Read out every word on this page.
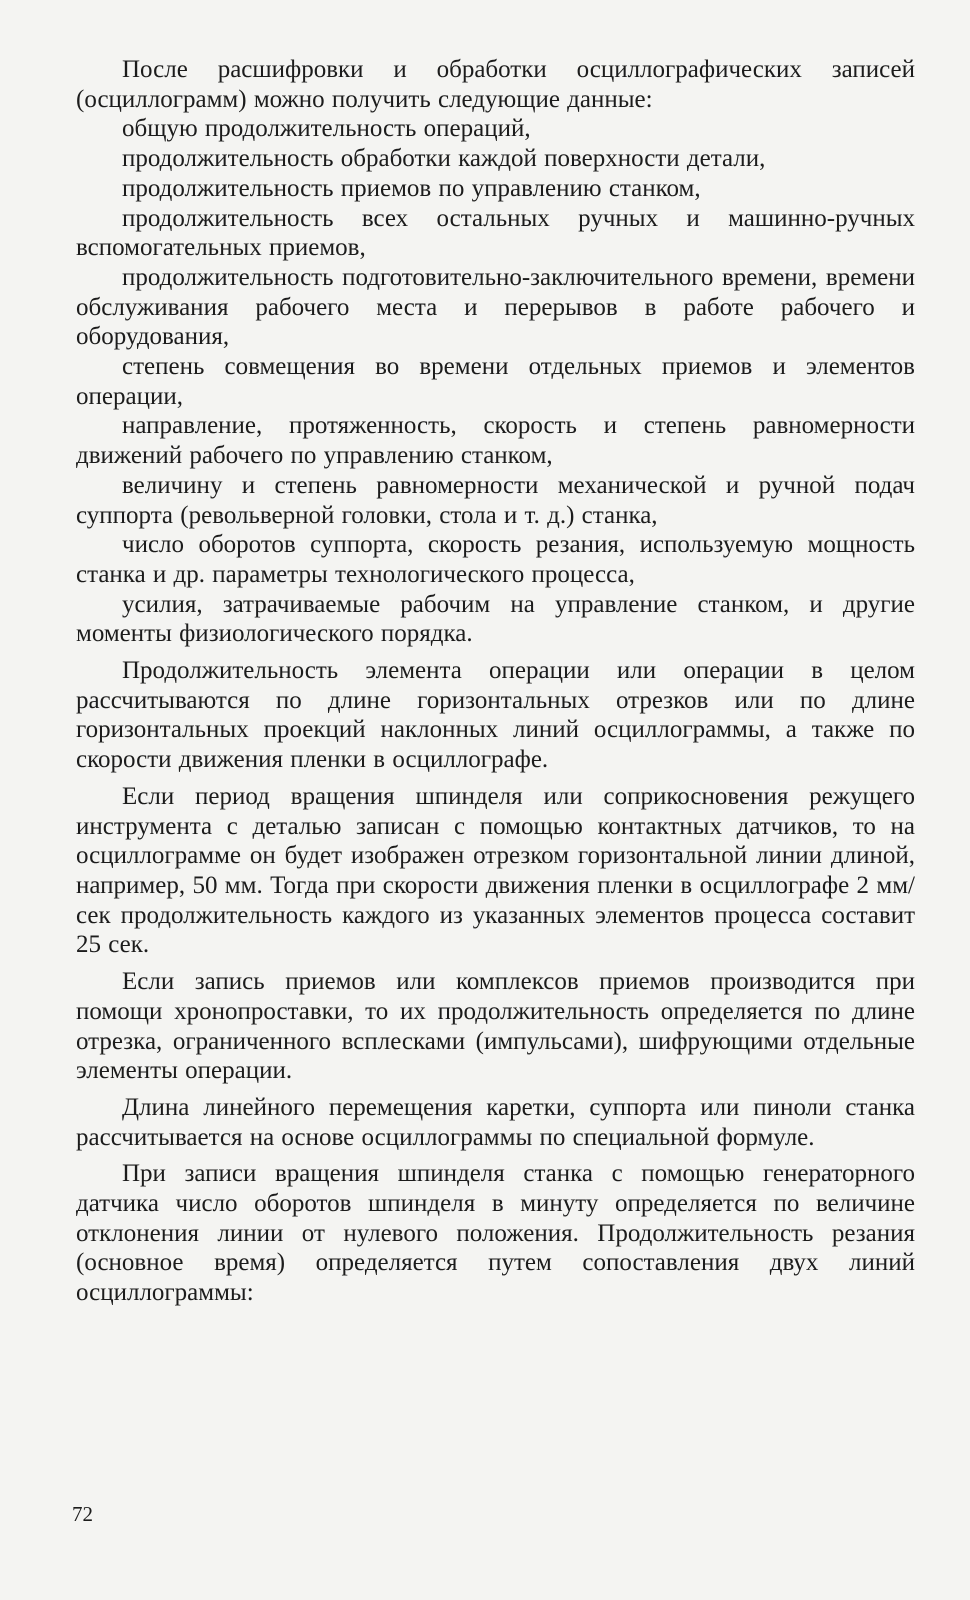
После расшифровки и обработки осциллографических записей (осциллограмм) можно получить следующие данные:

общую продолжительность операций,

продолжительность обработки каждой поверхности детали,

продолжительность приемов по управлению станком,

продолжительность всех остальных ручных и машинно-ручных вспомогательных приемов,

продолжительность подготовительно-заключительного времени, времени обслуживания рабочего места и перерывов в работе рабочего и оборудования,

степень совмещения во времени отдельных приемов и элементов операции,

направление, протяженность, скорость и степень равномерности движений рабочего по управлению станком,

величину и степень равномерности механической и ручной подач суппорта (револьверной головки, стола и т. д.) станка,

число оборотов суппорта, скорость резания, используемую мощность станка и др. параметры технологического процесса,

усилия, затрачиваемые рабочим на управление станком, и другие моменты физиологического порядка.

Продолжительность элемента операции или операции в целом рассчитываются по длине горизонтальных отрезков или по длине горизонтальных проекций наклонных линий осциллограммы, а также по скорости движения пленки в осциллографе.

Если период вращения шпинделя или соприкосновения режущего инструмента с деталью записан с помощью контактных датчиков, то на осциллограмме он будет изображен отрезком горизонтальной линии длиной, например, 50 мм. Тогда при скорости движения пленки в осциллографе 2 мм/сек продолжительность каждого из указанных элементов процесса составит 25 сек.

Если запись приемов или комплексов приемов производится при помощи хронопроставки, то их продолжительность определяется по длине отрезка, ограниченного всплесками (импульсами), шифрующими отдельные элементы операции.

Длина линейного перемещения каретки, суппорта или пиноли станка рассчитывается на основе осциллограммы по специальной формуле.

При записи вращения шпинделя станка с помощью генераторного датчика число оборотов шпинделя в минуту определяется по величине отклонения линии от нулевого положения. Продолжительность резания (основное время) определяется путем сопоставления двух линий осциллограммы:

72
